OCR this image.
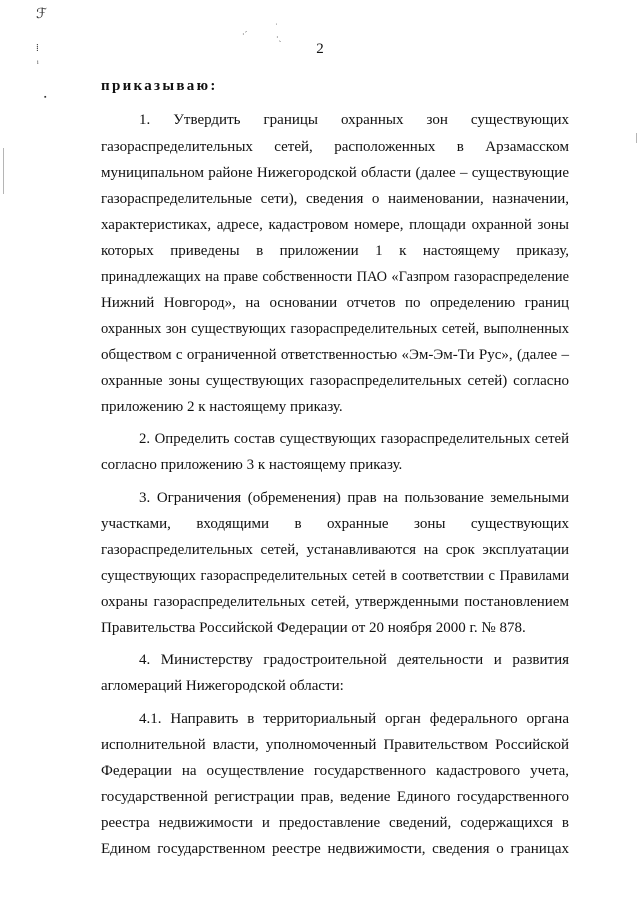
ℱ
⁞
ᵢ
▪
·ˊ
˙
·ˎ
2
приказываю:
1. Утвердить границы охранных зон существующих
газораспределительных сетей, расположенных в Арзамасском
муниципальном районе Нижегородской области (далее – существующие
газораспределительные сети), сведения о наименовании, назначении,
характеристиках, адресе, кадастровом номере, площади охранной зоны
которых приведены в приложении 1 к настоящему приказу,
принадлежащих на праве собственности ПАО «Газпром газораспределение
Нижний Новгород», на основании отчетов по определению границ
охранных зон существующих газораспределительных сетей, выполненных
обществом с ограниченной ответственностью «Эм-Эм-Ти Рус», (далее –
охранные зоны существующих газораспределительных сетей) согласно
приложению 2 к настоящему приказу.
2. Определить состав существующих газораспределительных сетей
согласно приложению 3 к настоящему приказу.
3. Ограничения (обременения) прав на пользование земельными
участками, входящими в охранные зоны существующих
газораспределительных сетей, устанавливаются на срок эксплуатации
существующих газораспределительных сетей в соответствии с Правилами
охраны газораспределительных сетей, утвержденными постановлением
Правительства Российской Федерации от 20 ноября 2000 г. № 878.
4. Министерству градостроительной деятельности и развития
агломераций Нижегородской области:
4.1. Направить в территориальный орган федерального органа
исполнительной власти, уполномоченный Правительством Российской
Федерации на осуществление государственного кадастрового учета,
государственной регистрации прав, ведение Единого государственного
реестра недвижимости и предоставление сведений, содержащихся в
Едином государственном реестре недвижимости, сведения о границах
